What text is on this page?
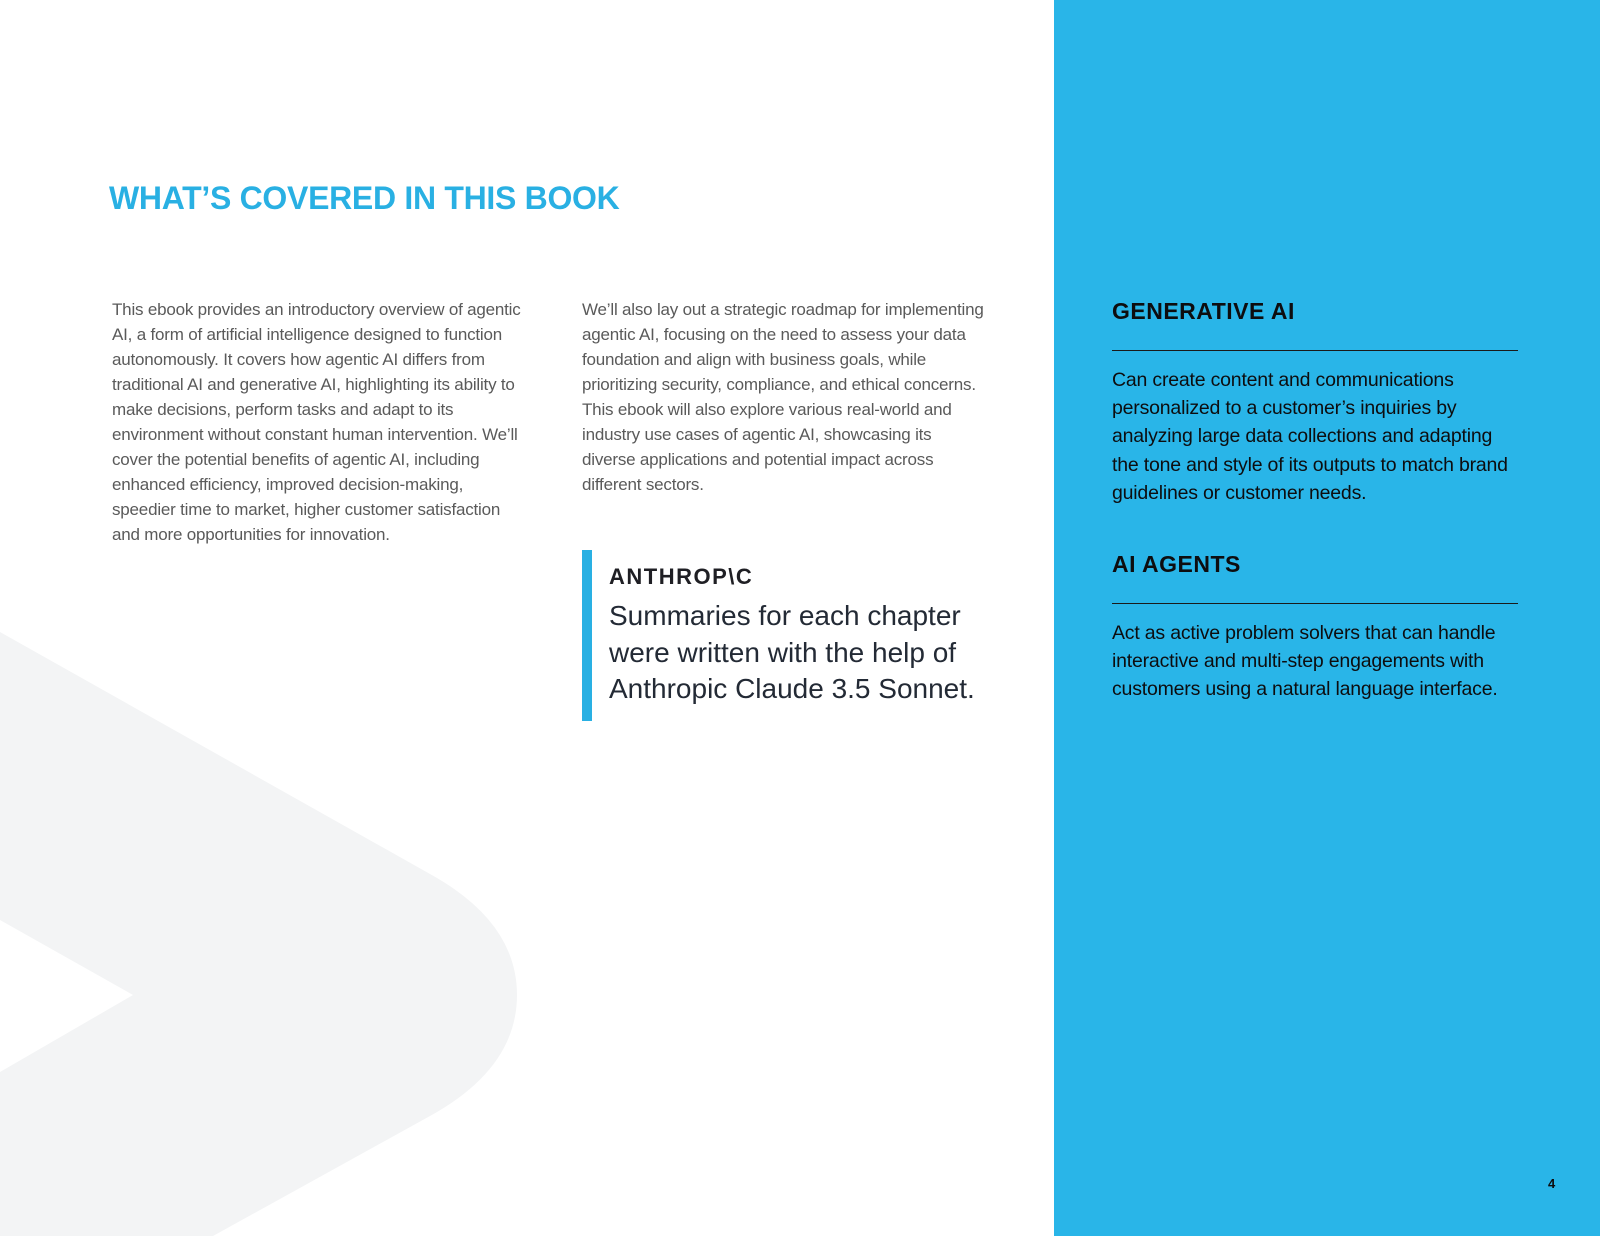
WHAT’S COVERED IN THIS BOOK

This ebook provides an introductory overview of agentic AI, a form of artificial intelligence designed to function autonomously. It covers how agentic AI differs from traditional AI and generative AI, highlighting its ability to make decisions, perform tasks and adapt to its environment without constant human intervention. We’ll cover the potential benefits of agentic AI, including enhanced efficiency, improved decision-making, speedier time to market, higher customer satisfaction and more opportunities for innovation.

We’ll also lay out a strategic roadmap for implementing agentic AI, focusing on the need to assess your data foundation and align with business goals, while prioritizing security, compliance, and ethical concerns. This ebook will also explore various real-world and industry use cases of agentic AI, showcasing its diverse applications and potential impact across different sectors.

ANTHROP\C

Summaries for each chapter were written with the help of Anthropic Claude 3.5 Sonnet.

GENERATIVE AI

Can create content and communications personalized to a customer’s inquiries by analyzing large data collections and adapting the tone and style of its outputs to match brand guidelines or customer needs.

AI AGENTS

Act as active problem solvers that can handle interactive and multi-step engagements with customers using a natural language interface.

4
